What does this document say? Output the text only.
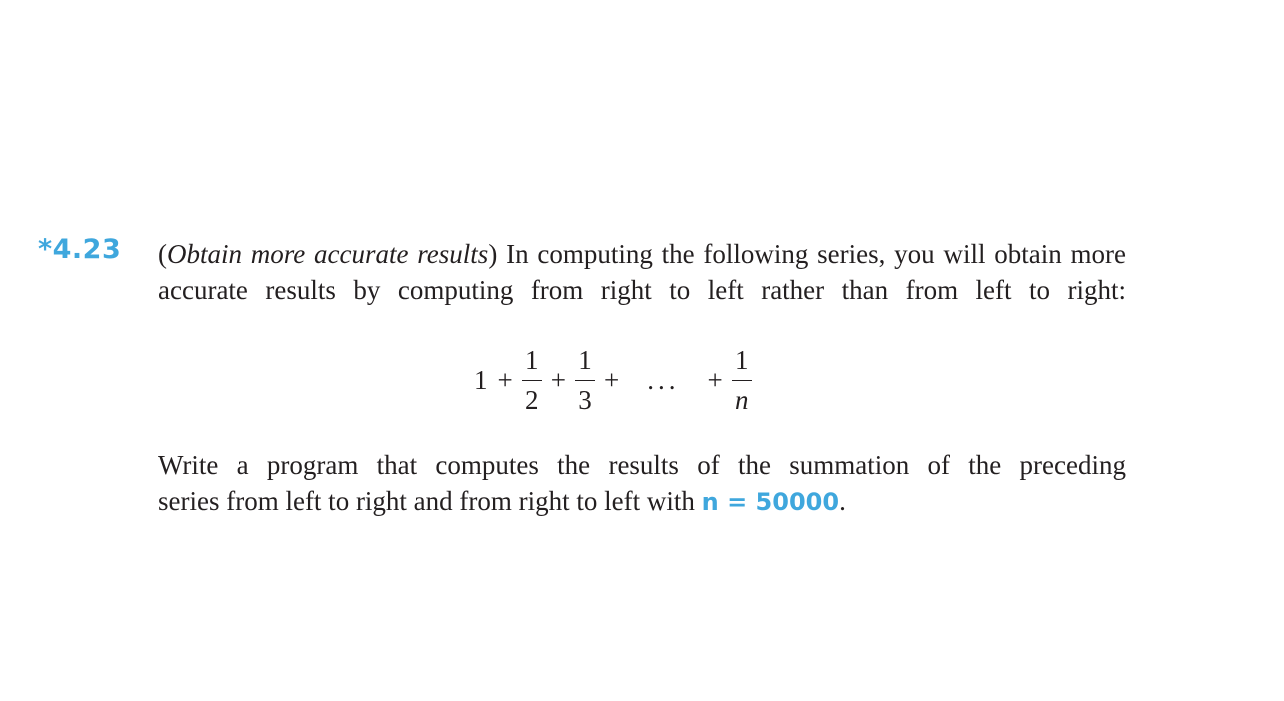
*4.23 (Obtain more accurate results) In computing the following series, you will obtain more accurate results by computing from right to left rather than from left to right:

$1 + \frac{1}{2} + \frac{1}{3}$ +	...	+ $\frac{1}{n}$

Write a program that computes the results of the summation of the preceding
series from left to right and from right to left with n = 50000.
